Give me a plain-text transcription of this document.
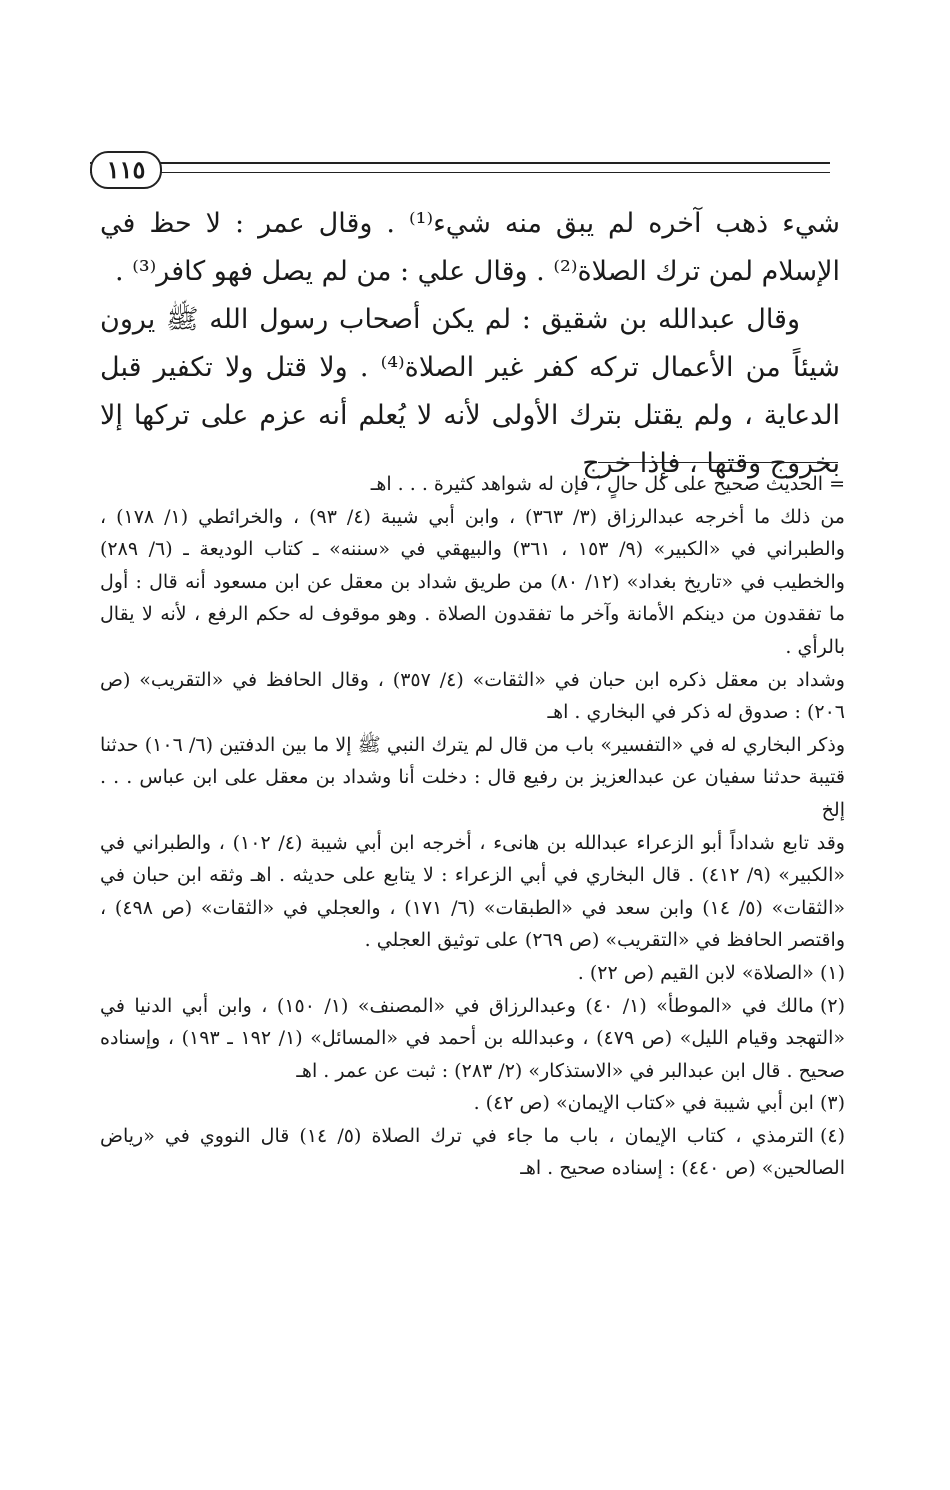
١١٥

شيء ذهب آخره لم يبق منه شيء⁽¹⁾ . وقال عمر : لا حظ في الإسلام لمن ترك الصلاة⁽²⁾ . وقال علي : من لم يصل فهو كافر⁽³⁾ .

وقال عبدالله بن شقيق : لم يكن أصحاب رسول الله ﷺ يرون شيئاً من الأعمال تركه كفر غير الصلاة⁽⁴⁾ . ولا قتل ولا تكفير قبل الدعاية ، ولم يقتل بترك الأولى لأنه لا يُعلم أنه عزم على تركها إلا بخروج وقتها ، فإذا خرج

= الحديث صحيح على كل حالٍ ، فإن له شواهد كثيرة . . . اهـ

من ذلك ما أخرجه عبدالرزاق (٣/ ٣٦٣) ، وابن أبي شيبة (٤/ ٩٣) ، والخرائطي (١/ ١٧٨) ، والطبراني في «الكبير» (٩/ ١٥٣ ، ٣٦١) والبيهقي في «سننه» ـ كتاب الوديعة ـ (٦/ ٢٨٩) والخطيب في «تاريخ بغداد» (١٢/ ٨٠) من طريق شداد بن معقل عن ابن مسعود أنه قال : أول ما تفقدون من دينكم الأمانة وآخر ما تفقدون الصلاة . وهو موقوف له حكم الرفع ، لأنه لا يقال بالرأي .

وشداد بن معقل ذكره ابن حبان في «الثقات» (٤/ ٣٥٧) ، وقال الحافظ في «التقريب» (ص ٢٠٦) : صدوق له ذكر في البخاري . اهـ

وذكر البخاري له في «التفسير» باب من قال لم يترك النبي ﷺ إلا ما بين الدفتين (٦/ ١٠٦) حدثنا قتيبة حدثنا سفيان عن عبدالعزيز بن رفيع قال : دخلت أنا وشداد بن معقل على ابن عباس . . . إلخ

وقد تابع شداداً أبو الزعراء عبدالله بن هانىء ، أخرجه ابن أبي شيبة (٤/ ١٠٢) ، والطبراني في «الكبير» (٩/ ٤١٢) . قال البخاري في أبي الزعراء : لا يتابع على حديثه . اهـ وثقه ابن حبان في «الثقات» (٥/ ١٤) وابن سعد في «الطبقات» (٦/ ١٧١) ، والعجلي في «الثقات» (ص ٤٩٨) ، واقتصر الحافظ في «التقريب» (ص ٢٦٩) على توثيق العجلي .

(١)«الصلاة» لابن القيم (ص ٢٢) .

(٢)مالك في «الموطأ» (١/ ٤٠) وعبدالرزاق في «المصنف» (١/ ١٥٠) ، وابن أبي الدنيا في «التهجد وقيام الليل» (ص ٤٧٩) ، وعبدالله بن أحمد في «المسائل» (١/ ١٩٢ ـ ١٩٣) ، وإسناده صحيح . قال ابن عبدالبر في «الاستذكار» (٢/ ٢٨٣) : ثبت عن عمر . اهـ

(٣)ابن أبي شيبة في «كتاب الإيمان» (ص ٤٢) .

(٤)الترمذي ، كتاب الإيمان ، باب ما جاء في ترك الصلاة (٥/ ١٤) قال النووي في «رياض الصالحين» (ص ٤٤٠) : إسناده صحيح . اهـ
